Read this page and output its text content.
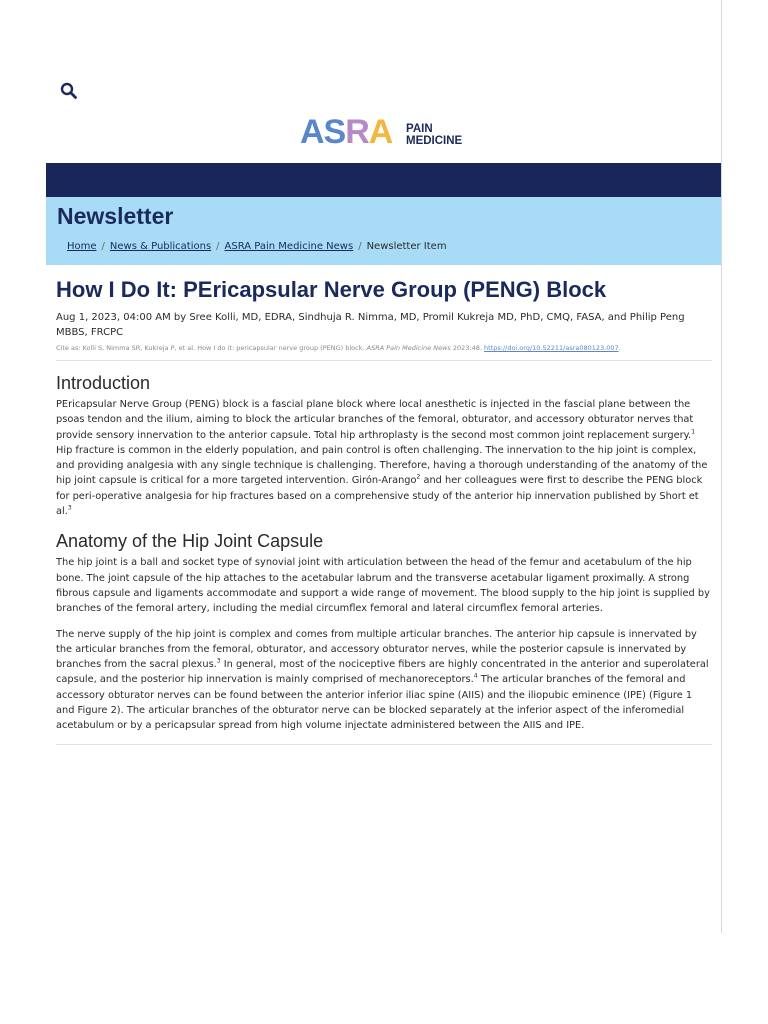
ASRA PAIN
MEDICINE
Newsletter
Home / News & Publications / ASRA Pain Medicine News / Newsletter Item
How I Do It: PEricapsular Nerve Group (PENG) Block
Aug 1, 2023, 04:00 AM by Sree Kolli, MD, EDRA, Sindhuja R. Nimma, MD, Promil Kukreja MD, PhD, CMQ, FASA, and Philip Peng MBBS, FRCPC
Cite as: Kolli S, Nimma SR, Kukreja P, et al. How I do it: pericapsular nerve group (PENG) block. ASRA Pain Medicine News 2023;48. https://doi.org/10.52211/asra080123.007.
Introduction

PEricapsular Nerve Group (PENG) block is a fascial plane block where local anesthetic is injected in the fascial plane between the psoas tendon and the ilium, aiming to block the articular branches of the femoral, obturator, and accessory obturator nerves that provide sensory innervation to the anterior capsule. Total hip arthroplasty is the second most common joint replacement surgery.$^1$ Hip fracture is common in the elderly population, and pain control is often challenging. The innervation to the hip joint is complex, and providing analgesia with any single technique is challenging. Therefore, having a thorough understanding of the anatomy of the hip joint capsule is critical for a more targeted intervention. Girón-Arango$^2$ and her colleagues were first to describe the PENG block for peri-operative analgesia for hip fractures based on a comprehensive study of the anterior hip innervation published by Short et al.$^3$

Anatomy of the Hip Joint Capsule

The hip joint is a ball and socket type of synovial joint with articulation between the head of the femur and acetabulum of the hip bone. The joint capsule of the hip attaches to the acetabular labrum and the transverse acetabular ligament proximally. A strong fibrous capsule and ligaments accommodate and support a wide range of movement. The blood supply to the hip joint is supplied by branches of the femoral artery, including the medial circumflex femoral and lateral circumflex femoral arteries.

The nerve supply of the hip joint is complex and comes from multiple articular branches. The anterior hip capsule is innervated by the articular branches from the femoral, obturator, and accessory obturator nerves, while the posterior capsule is innervated by branches from the sacral plexus.$^3$ In general, most of the nociceptive fibers are highly concentrated in the anterior and superolateral capsule, and the posterior hip innervation is mainly comprised of mechanoreceptors.$^4$ The articular branches of the femoral and accessory obturator nerves can be found between the anterior inferior iliac spine (AIIS) and the iliopubic eminence (IPE) (Figure 1 and Figure 2). The articular branches of the obturator nerve can be blocked separately at the inferior aspect of the inferomedial acetabulum or by a pericapsular spread from high volume injectate administered between the AIIS and IPE.
